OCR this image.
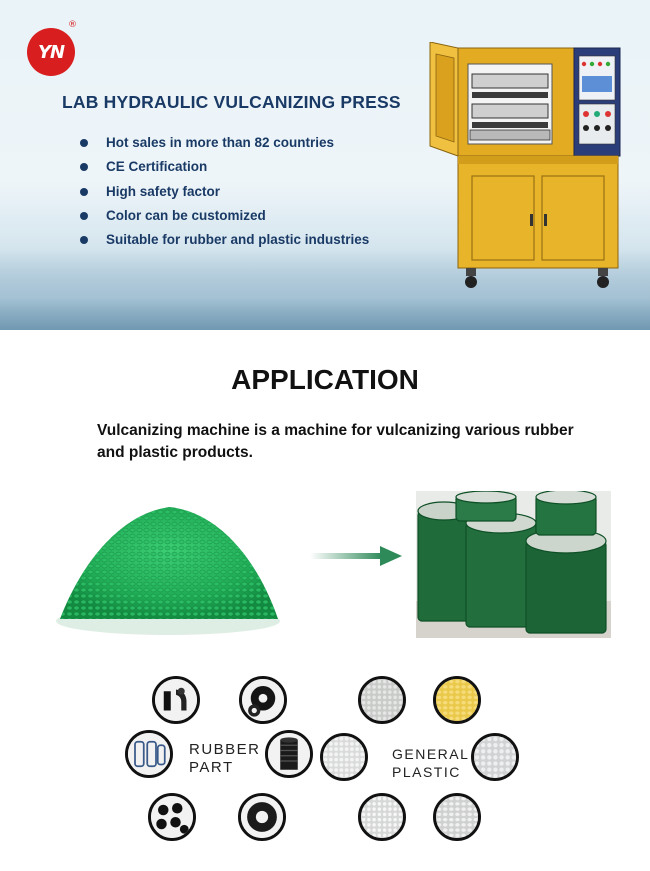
YN
®
LAB HYDRAULIC VULCANIZING PRESS
Hot sales in more than 82 countries
CE Certification
High safety factor
Color can be customized
Suitable for rubber and plastic industries
APPLICATION
Vulcanizing machine is a machine for vulcanizing various rubber and plastic products.
RUBBER
PART
GENERAL
PLASTIC
